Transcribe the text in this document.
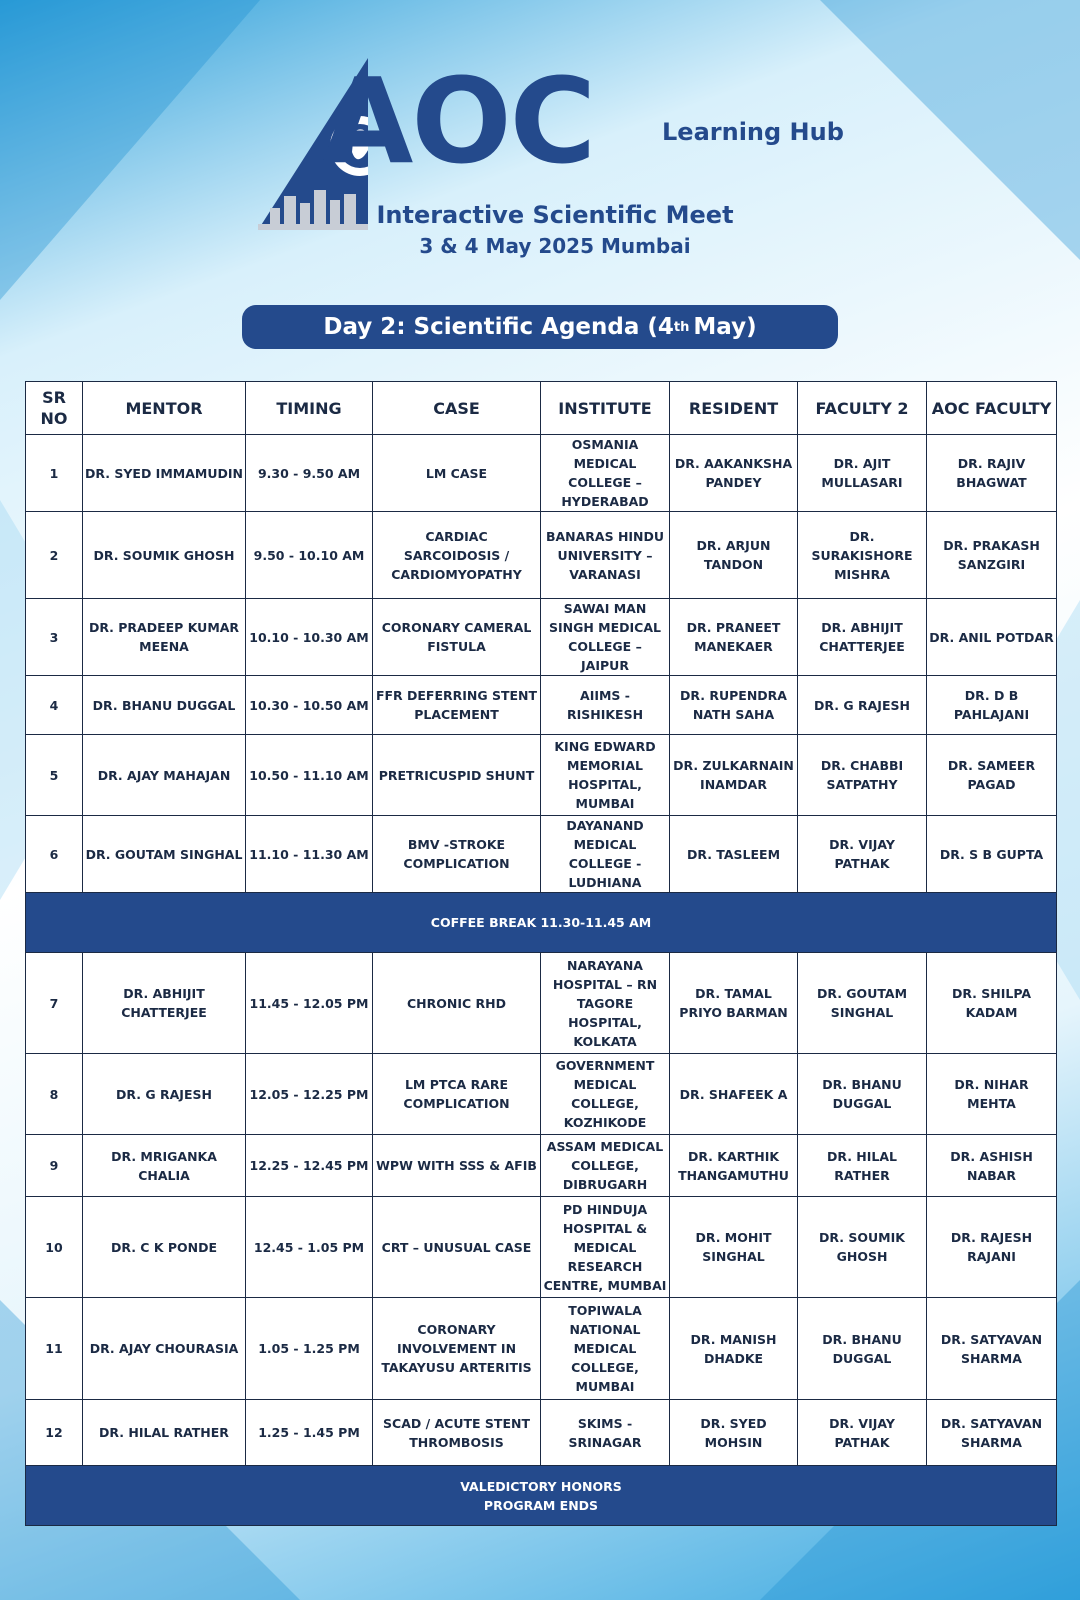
AOC	Learning Hub
Interactive Scientific Meet
3 & 4 May 2025 Mumbai
Day 2: Scientific Agenda (4 th May)
SR NO	MENTOR	TIMING	CASE	INSTITUTE	RESIDENT	FACULTY 2	AOC FACULTY
1	DR. SYED IMMAMUDIN	9.30 - 9.50 AM	LM CASE	OSMANIA MEDICAL COLLEGE – HYDERABAD	DR. AAKANKSHA PANDEY	DR. AJIT MULLASARI	DR. RAJIV BHAGWAT
2	DR. SOUMIK GHOSH	9.50 - 10.10 AM	CARDIAC SARCOIDOSIS / CARDIOMYOPATHY	BANARAS HINDU UNIVERSITY – VARANASI	DR. ARJUN TANDON	DR. SURAKISHORE MISHRA	DR. PRAKASH SANZGIRI
3	DR. PRADEEP KUMAR MEENA	10.10 - 10.30 AM	CORONARY CAMERAL FISTULA	SAWAI MAN SINGH MEDICAL COLLEGE – JAIPUR	DR. PRANEET MANEKAER	DR. ABHIJIT CHATTERJEE	DR. ANIL POTDAR
4	DR. BHANU DUGGAL	10.30 - 10.50 AM	FFR DEFERRING STENT PLACEMENT	AIIMS - RISHIKESH	DR. RUPENDRA NATH SAHA	DR. G RAJESH	DR. D B PAHLAJANI
5	DR. AJAY MAHAJAN	10.50 - 11.10 AM	PRETRICUSPID SHUNT	KING EDWARD MEMORIAL HOSPITAL, MUMBAI	DR. ZULKARNAIN INAMDAR	DR. CHABBI SATPATHY	DR. SAMEER PAGAD
6	DR. GOUTAM SINGHAL	11.10 - 11.30 AM	BMV -STROKE COMPLICATION	DAYANAND MEDICAL COLLEGE - LUDHIANA	DR. TASLEEM	DR. VIJAY PATHAK	DR. S B GUPTA
COFFEE BREAK 11.30-11.45 AM							
7	DR. ABHIJIT CHATTERJEE	11.45 - 12.05 PM	CHRONIC RHD	NARAYANA HOSPITAL – RN TAGORE HOSPITAL, KOLKATA	DR. TAMAL PRIYO BARMAN	DR. GOUTAM SINGHAL	DR. SHILPA KADAM
8	DR. G RAJESH	12.05 - 12.25 PM	LM PTCA RARE COMPLICATION	GOVERNMENT MEDICAL COLLEGE, KOZHIKODE	DR. SHAFEEK A	DR. BHANU DUGGAL	DR. NIHAR MEHTA
9	DR. MRIGANKA CHALIA	12.25 - 12.45 PM	WPW WITH SSS & AFIB	ASSAM MEDICAL COLLEGE, DIBRUGARH	DR. KARTHIK THANGAMUTHU	DR. HILAL RATHER	DR. ASHISH NABAR
10	DR. C K PONDE	12.45 - 1.05 PM	CRT – UNUSUAL CASE	PD HINDUJA HOSPITAL & MEDICAL RESEARCH CENTRE, MUMBAI	DR. MOHIT SINGHAL	DR. SOUMIK GHOSH	DR. RAJESH RAJANI
11	DR. AJAY CHOURASIA	1.05 - 1.25 PM	CORONARY INVOLVEMENT IN TAKAYUSU ARTERITIS	TOPIWALA NATIONAL MEDICAL COLLEGE, MUMBAI	DR. MANISH DHADKE	DR. BHANU DUGGAL	DR. SATYAVAN SHARMA
12	DR. HILAL RATHER	1.25 - 1.45 PM	SCAD / ACUTE STENT THROMBOSIS	SKIMS - SRINAGAR	DR. SYED MOHSIN	DR. VIJAY PATHAK	DR. SATYAVAN SHARMA

VALEDICTORY HONORS
PROGRAM ENDS							
